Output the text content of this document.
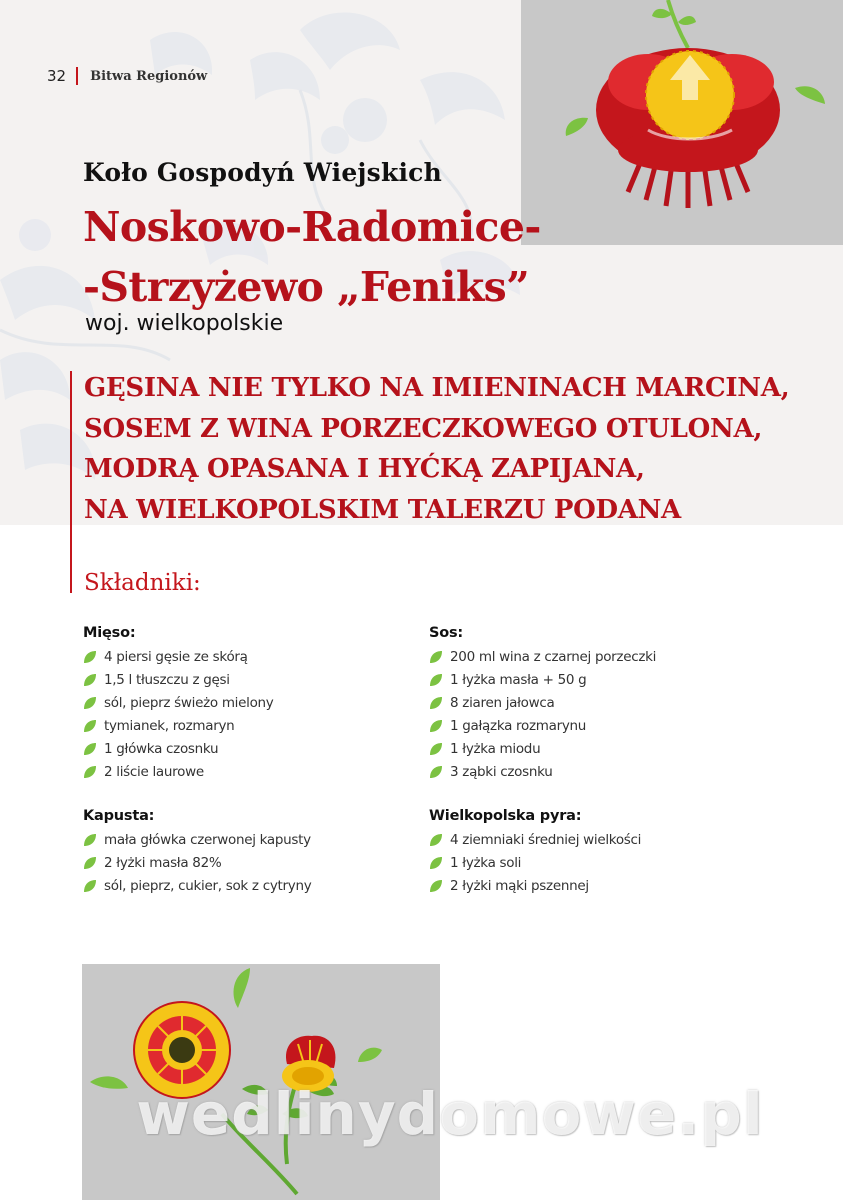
32 Bitwa Regionów
Koło Gospodyń Wiejskich
Noskowo-Radomice-
-Strzyżewo „Feniks”
woj. wielkopolskie
GĘSINA NIE TYLKO NA IMIENINACH MARCINA,
SOSEM Z WINA PORZECZKOWEGO OTULONA,
MODRĄ OPASANA I HYĆKĄ ZAPIJANA,
NA WIELKOPOLSKIM TALERZU PODANA
Składniki:
Mięso:
4 piersi gęsie ze skórą
1,5 l tłuszczu z gęsi
sól, pieprz świeżo mielony
tymianek, rozmaryn
1 główka czosnku
2 liście laurowe
Sos:
200 ml wina z czarnej porzeczki
1 łyżka masła + 50 g
8 ziaren jałowca
1 gałązka rozmarynu
1 łyżka miodu
3 ząbki czosnku
Kapusta:
mała główka czerwonej kapusty
2 łyżki masła 82%
sól, pieprz, cukier, sok z cytryny
Wielkopolska pyra:
4 ziemniaki średniej wielkości
1 łyżka soli
2 łyżki mąki pszennej
wedlinydomowe.pl
